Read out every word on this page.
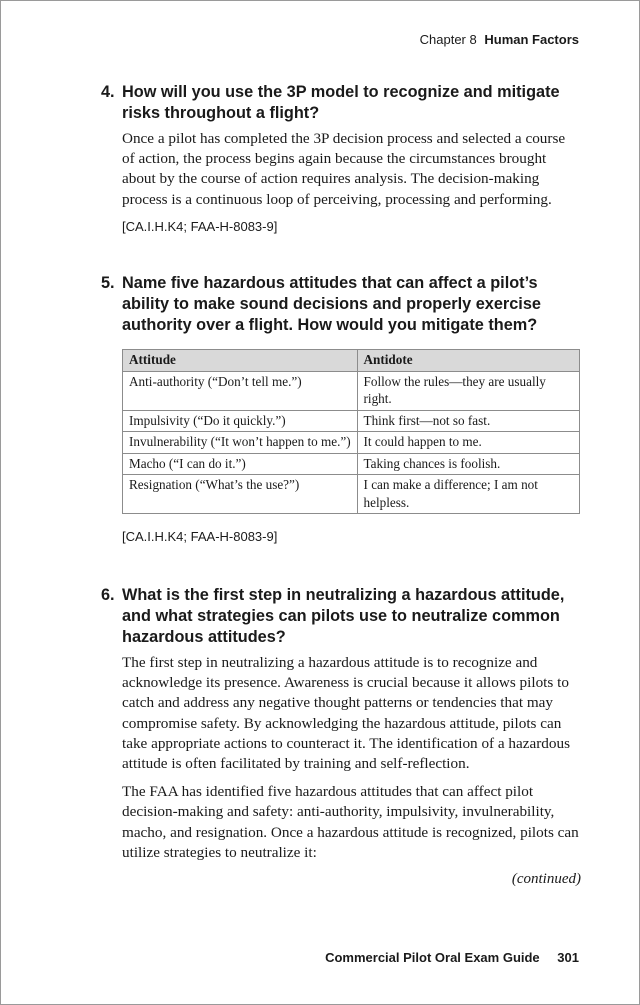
Chapter 8 Human Factors
4. How will you use the 3P model to recognize and mitigate risks throughout a flight?

Once a pilot has completed the 3P decision process and selected a course of action, the process begins again because the circumstances brought about by the course of action requires analysis. The decision-making process is a continuous loop of perceiving, processing and performing.

[CA.I.H.K4; FAA-H-8083-9]
5. Name five hazardous attitudes that can affect a pilot’s ability to make sound decisions and properly exercise authority over a flight. How would you mitigate them?
Attitude	Antidote
Anti-authority (“Don’t tell me.”)	Follow the rules—they are usually right.
Impulsivity (“Do it quickly.”)	Think first—not so fast.
Invulnerability (“It won’t happen to me.”)	It could happen to me.
Macho (“I can do it.”)	Taking chances is foolish.
Resignation (“What’s the use?”)	I can make a difference; I am not helpless.
[CA.I.H.K4; FAA-H-8083-9]
6. What is the first step in neutralizing a hazardous attitude, and what strategies can pilots use to neutralize common hazardous attitudes?

The first step in neutralizing a hazardous attitude is to recognize and acknowledge its presence. Awareness is crucial because it allows pilots to catch and address any negative thought patterns or tendencies that may compromise safety. By acknowledging the hazardous attitude, pilots can take appropriate actions to counteract it. The identification of a hazardous attitude is often facilitated by training and self-reflection.

The FAA has identified five hazardous attitudes that can affect pilot decision-making and safety: anti-authority, impulsivity, invulnerability, macho, and resignation. Once a hazardous attitude is recognized, pilots can utilize strategies to neutralize it:

(continued)
Commercial Pilot Oral Exam Guide 301
